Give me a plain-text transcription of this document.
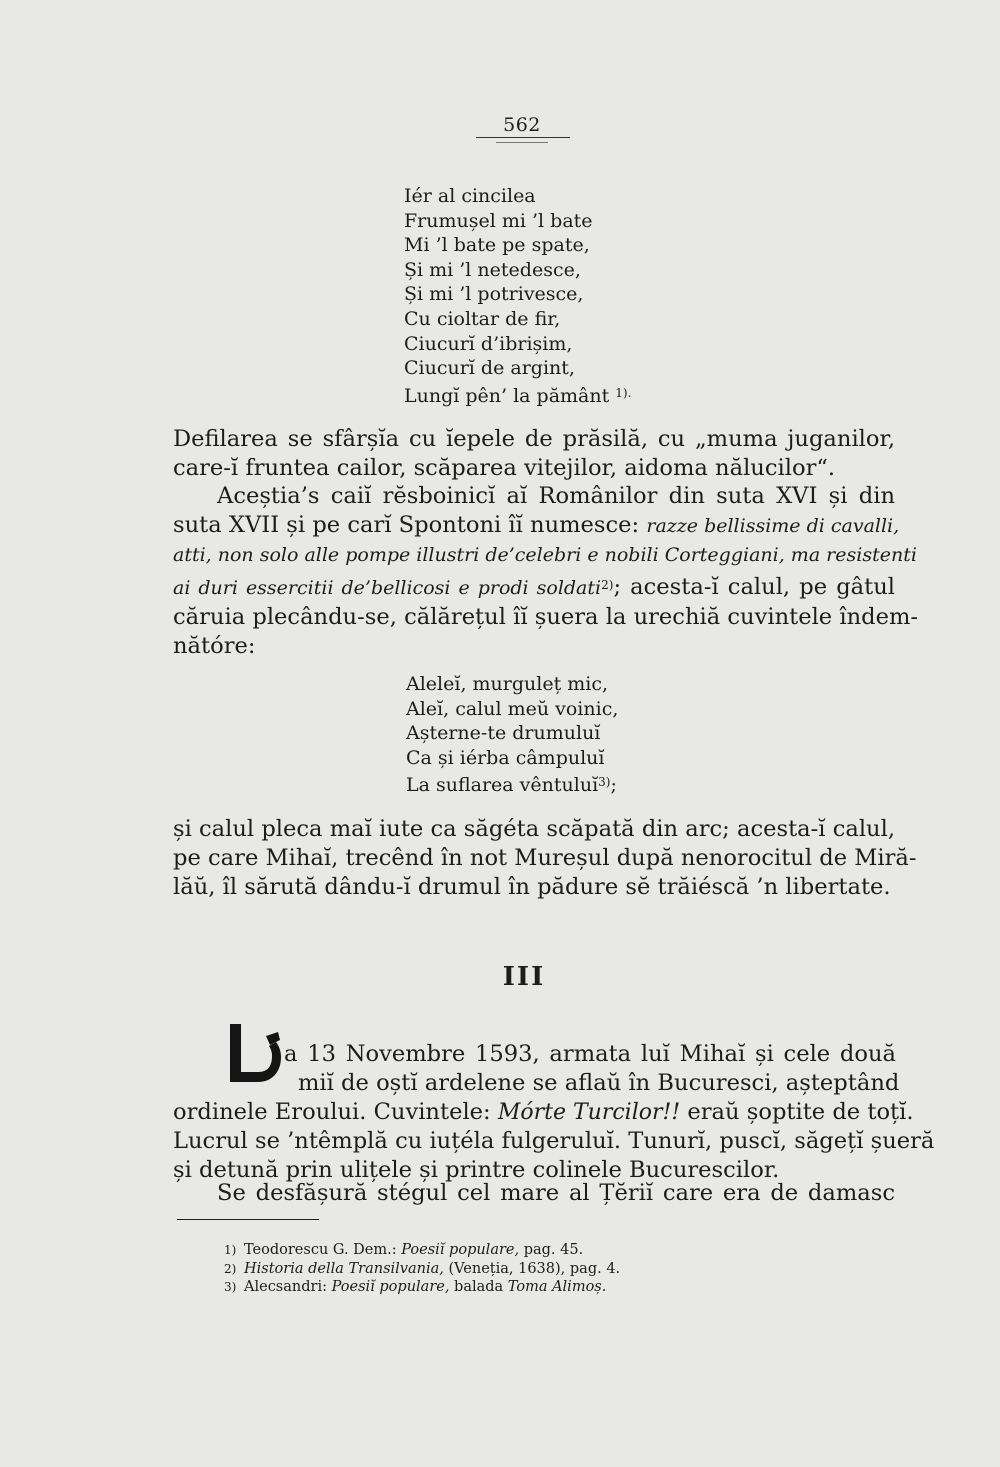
562
Iér al cincilea
Frumușel mi ’l bate
Mi ’l bate pe spate,
Și mi ’l netedesce,
Și mi ’l potrivesce,
Cu cioltar de fir,
Ciucurĭ d’ibrișim,
Ciucurĭ de argint,
Lungĭ pên’ la pământ $^{1).}$
Defilarea se sfârșĭa cu ĭepele de prăsilă, cu „muma juganilor,
care-ĭ fruntea cailor, scăparea vitejilor, aidoma nălucilor“.
Aceștia’s caiĭ rĕsboinicĭ aĭ Românilor din suta XVI și din
suta XVII și pe carĭ Spontoni îĭ numesce: razze bellissime di cavalli,
atti, non solo alle pompe illustri de’celebri e nobili Corteggiani, ma resistenti
ai duri essercitii de’bellicosi e prodi soldati$^{2)}$; acesta-ĭ calul, pe gâtul
căruia plecându-se, călărețul îĭ șuera la urechiă cuvintele îndem-
nătóre:
Aleleĭ, murguleț mic,
Aleĭ, calul meŭ voinic,
Așterne-te drumuluĭ
Ca și iérba câmpuluĭ
La suflarea vêntuluĭ$^{3)}$;
și calul pleca maĭ iute ca săgéta scăpată din arc; acesta-ĭ calul,
pe care Mihaĭ, trecênd în not Mureșul după nenorocitul de Miră-
lăŭ, îl sărută dându-ĭ drumul în pădure sĕ trăiéscă ’n libertate.
III
a 13 Novembre 1593, armata luĭ Mihaĭ și cele două
miĭ de oștĭ ardelene se aflaŭ în Bucuresci, așteptând
ordinele Eroului. Cuvintele: Mórte Turcilor!! eraŭ șoptite de toțĭ.
Lucrul se ’ntêmplă cu iuțéla fulgeruluĭ. Tunurĭ, puscĭ, săgețĭ șueră
și detună prin ulițele și printre colinele Bucurescilor.
Se desfășură stégul cel mare al Țĕriĭ care era de damasc
1) Teodorescu G. Dem.: Poesiĭ populare, pag. 45.
2) Historia della Transilvania, (Veneția, 1638), pag. 4.
3) Alecsandri: Poesiĭ populare, balada Toma Alimoș.
